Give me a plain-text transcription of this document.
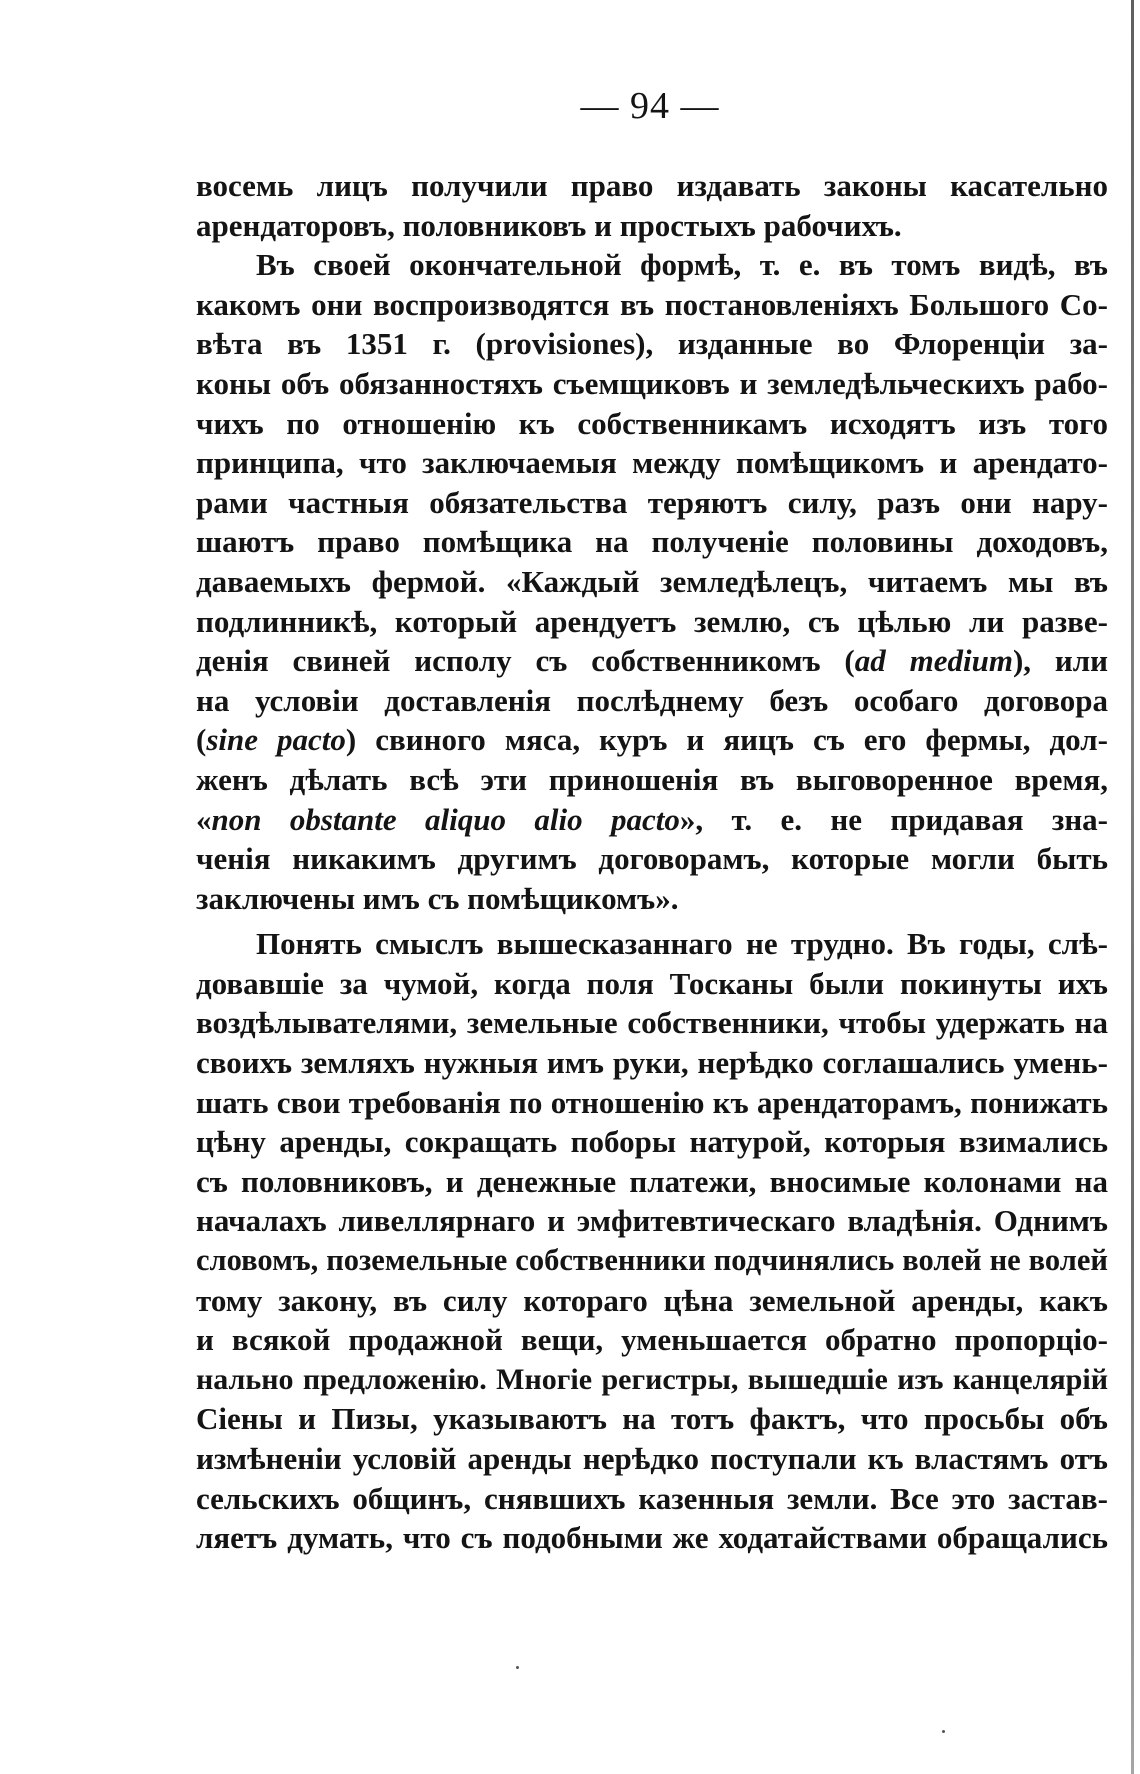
— 94 —
восемь лицъ получили право издавать законы касательно
арендаторовъ, половниковъ и простыхъ рабочихъ.
Въ своей окончательной формѣ, т. е. въ томъ видѣ, въ
какомъ они воспроизводятся въ постановленіяхъ Большого Со-
вѣта въ 1351 г. (provisiones), изданные во Флоренціи за-
коны объ обязанностяхъ съемщиковъ и земледѣльческихъ рабо-
чихъ по отношенію къ собственникамъ исходятъ изъ того
принципа, что заключаемыя между помѣщикомъ и арендато-
рами частныя обязательства теряютъ силу, разъ они нару-
шаютъ право помѣщика на полученіе половины доходовъ,
даваемыхъ фермой. «Каждый земледѣлецъ, читаемъ мы въ
подлинникѣ, который арендуетъ землю, съ цѣлью ли разве-
денія свиней исполу съ собственникомъ (ad medium), или
на условіи доставленія послѣднему безъ особаго договора
(sine pacto) свиного мяса, куръ и яицъ съ его фермы, дол-
женъ дѣлать всѣ эти приношенія въ выговоренное время,
«non obstante aliquo alio pacto», т. е. не придавая зна-
ченія никакимъ другимъ договорамъ, которые могли быть
заключены имъ съ помѣщикомъ».
Понять смыслъ вышесказаннаго не трудно. Въ годы, слѣ-
довавшіе за чумой, когда поля Тосканы были покинуты ихъ
воздѣлывателями, земельные собственники, чтобы удержать на
своихъ земляхъ нужныя имъ руки, нерѣдко соглашались умень-
шать свои требованія по отношенію къ арендаторамъ, понижать
цѣну аренды, сокращать поборы натурой, которыя взимались
съ половниковъ, и денежные платежи, вносимые колонами на
началахъ ливеллярнаго и эмфитевтическаго владѣнія. Однимъ
словомъ, поземельные собственники подчинялись волей не волей
тому закону, въ силу котораго цѣна земельной аренды, какъ
и всякой продажной вещи, уменьшается обратно пропорціо-
нально предложенію. Многіе регистры, вышедшіе изъ канцелярій
Сіены и Пизы, указываютъ на тотъ фактъ, что просьбы объ
измѣненіи условій аренды нерѣдко поступали къ властямъ отъ
сельскихъ общинъ, снявшихъ казенныя земли. Все это застав-
ляетъ думать, что съ подобными же ходатайствами обращались
